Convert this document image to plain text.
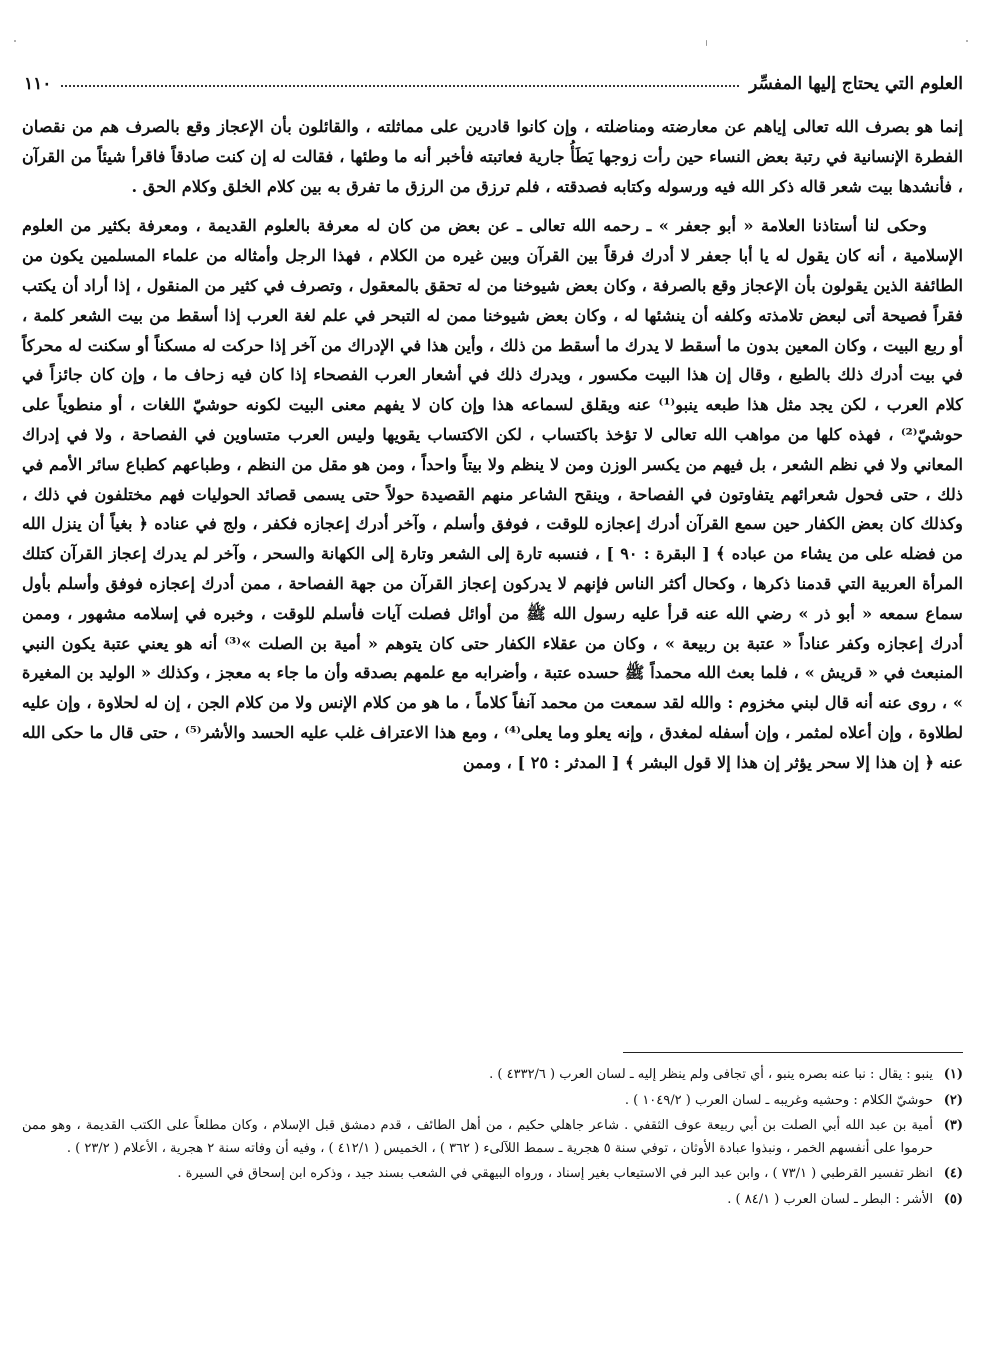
العلوم التي يحتاج إليها المفسِّر
١١٠

إنما هو بصرف الله تعالى إياهم عن معارضته ومناضلته ، وإن كانوا قادرين على مماثلته ، والقائلون بأن الإعجاز وقع بالصرف هم من نقصان الفطرة الإنسانية في رتبة بعض النساء حين رأت زوجها يَطَأُ جارية فعاتبته فأخبر أنه ما وطئها ، فقالت له إن كنت صادقاً فاقرأ شيئاً من القرآن ، فأنشدها بيت شعر قاله ذكر الله فيه ورسوله وكتابه فصدقته ، فلم ترزق من الرزق ما تفرق به بين كلام الخلق وكلام الحق .

وحكى لنا أستاذنا العلامة « أبو جعفر » ـ رحمه الله تعالى ـ عن بعض من كان له معرفة بالعلوم القديمة ، ومعرفة بكثير من العلوم الإسلامية ، أنه كان يقول له يا أبا جعفر لا أدرك فرقاً بين القرآن وبين غيره من الكلام ، فهذا الرجل وأمثاله من علماء المسلمين يكون من الطائفة الذين يقولون بأن الإعجاز وقع بالصرفة ، وكان بعض شيوخنا من له تحقق بالمعقول ، وتصرف في كثير من المنقول ، إذا أراد أن يكتب فقراً فصيحة أتى لبعض تلامذته وكلفه أن ينشئها له ، وكان بعض شيوخنا ممن له التبحر في علم لغة العرب إذا أسقط من بيت الشعر كلمة ، أو ربع البيت ، وكان المعين بدون ما أسقط لا يدرك ما أسقط من ذلك ، وأين هذا في الإدراك من آخر إذا حركت له مسكناً أو سكنت له محركاً في بيت أدرك ذلك بالطبع ، وقال إن هذا البيت مكسور ، ويدرك ذلك في أشعار العرب الفصحاء إذا كان فيه زحاف ما ، وإن كان جائزاً في كلام العرب ، لكن يجد مثل هذا طبعه ينبو⁽¹⁾ عنه ويقلق لسماعه هذا وإن كان لا يفهم معنى البيت لكونه حوشيّ اللغات ، أو منطوياً على حوشيّ⁽²⁾ ، فهذه كلها من مواهب الله تعالى لا تؤخذ باكتساب ، لكن الاكتساب يقويها وليس العرب متساوين في الفصاحة ، ولا في إدراك المعاني ولا في نظم الشعر ، بل فيهم من يكسر الوزن ومن لا ينظم ولا بيتاً واحداً ، ومن هو مقل من النظم ، وطباعهم كطباع سائر الأمم في ذلك ، حتى فحول شعرائهم يتفاوتون في الفصاحة ، وينقح الشاعر منهم القصيدة حولاً حتى يسمى قصائد الحوليات فهم مختلفون في ذلك ، وكذلك كان بعض الكفار حين سمع القرآن أدرك إعجازه للوقت ، فوفق وأسلم ، وآخر أدرك إعجازه فكفر ، ولج في عناده ﴿ بغياً أن ينزل الله من فضله على من يشاء من عباده ﴾ [ البقرة : ٩٠ ] ، فنسبه تارة إلى الشعر وتارة إلى الكهانة والسحر ، وآخر لم يدرك إعجاز القرآن كتلك المرأة العربية التي قدمنا ذكرها ، وكحال أكثر الناس فإنهم لا يدركون إعجاز القرآن من جهة الفصاحة ، ممن أدرك إعجازه فوفق وأسلم بأول سماع سمعه « أبو ذر » رضي الله عنه قرأ عليه رسول الله ﷺ من أوائل فصلت آيات فأسلم للوقت ، وخبره في إسلامه مشهور ، وممن أدرك إعجازه وكفر عناداً « عتبة بن ربيعة » ، وكان من عقلاء الكفار حتى كان يتوهم « أمية بن الصلت »⁽³⁾ أنه هو يعني عتبة يكون النبي المنبعث في « قريش » ، فلما بعث الله محمداً ﷺ حسده عتبة ، وأضرابه مع علمهم بصدقه وأن ما جاء به معجز ، وكذلك « الوليد بن المغيرة » ، روى عنه أنه قال لبني مخزوم : والله لقد سمعت من محمد آنفاً كلاماً ، ما هو من كلام الإنس ولا من كلام الجن ، إن له لحلاوة ، وإن عليه لطلاوة ، وإن أعلاه لمثمر ، وإن أسفله لمغدق ، وإنه يعلو وما يعلى⁽⁴⁾ ، ومع هذا الاعتراف غلب عليه الحسد والأشر⁽⁵⁾ ، حتى قال ما حكى الله عنه ﴿ إن هذا إلا سحر يؤثر إن هذا إلا قول البشر ﴾ [ المدثر : ٢٥ ] ، وممن

(١)
ينبو : يقال : نبا عنه بصره ينبو ، أي تجافى ولم ينظر إليه ـ لسان العرب ( ٤٣٣٢/٦ ) .
(٢)
حوشيّ الكلام : وحشيه وغريبه ـ لسان العرب ( ١٠٤٩/٢ ) .
(٣)
أمية بن عبد الله أبي الصلت بن أبي ربيعة عوف الثقفي . شاعر جاهلي حكيم ، من أهل الطائف ، قدم دمشق قبل الإسلام ، وكان مطلعاً على الكتب القديمة ، وهو ممن حرموا على أنفسهم الخمر ، ونبذوا عبادة الأوثان ، توفي سنة ٥ هجرية ـ سمط اللآلىء ( ٣٦٢ ) ، الخميس ( ٤١٢/١ ) ، وفيه أن وفاته سنة ٢ هجرية ، الأعلام ( ٢٣/٢ ) .
(٤)
انظر تفسير القرطبي ( ٧٣/١ ) ، وابن عبد البر في الاستيعاب بغير إسناد ، ورواه البيهقي في الشعب بسند جيد ، وذكره ابن إسحاق في السيرة .
(٥)
الأشر : البطر ـ لسان العرب ( ٨٤/١ ) .
